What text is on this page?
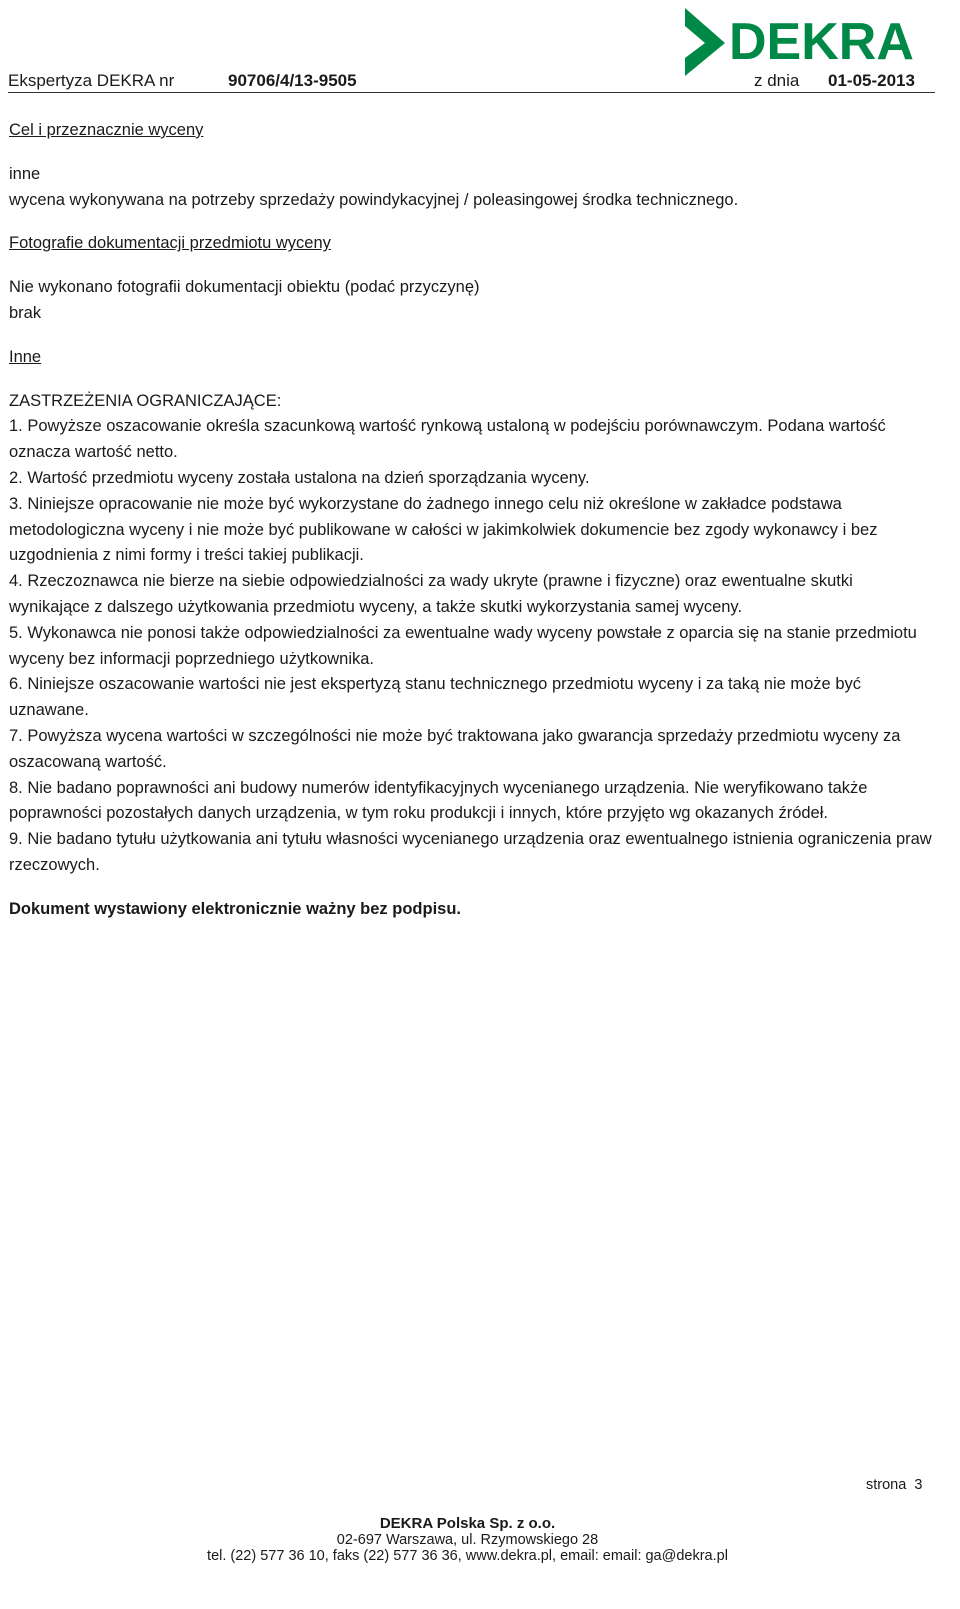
DEKRA
Ekspertyza DEKRA nr	90706/4/13-9505	z dnia 01-05-2013

Cel i przeznacznie wyceny

inne

wycena wykonywana na potrzeby sprzedaży powindykacyjnej / poleasingowej środka technicznego.

Fotografie dokumentacji przedmiotu wyceny

Nie wykonano fotografii dokumentacji obiektu (podać przyczynę)

brak

Inne

ZASTRZEŻENIA OGRANICZAJĄCE:

1. Powyższe oszacowanie określa szacunkową wartość rynkową ustaloną w podejściu porównawczym. Podana wartość oznacza wartość netto.

2. Wartość przedmiotu wyceny została ustalona na dzień sporządzania wyceny.

3. Niniejsze opracowanie nie może być wykorzystane do żadnego innego celu niż określone w zakładce podstawa metodologiczna wyceny i nie może być publikowane w całości w jakimkolwiek dokumencie bez zgody wykonawcy i bez uzgodnienia z nimi formy i treści takiej publikacji.

4. Rzeczoznawca nie bierze na siebie odpowiedzialności za wady ukryte (prawne i fizyczne) oraz ewentualne skutki wynikające z dalszego użytkowania przedmiotu wyceny, a także skutki wykorzystania samej wyceny.

5. Wykonawca nie ponosi także odpowiedzialności za ewentualne wady wyceny powstałe z oparcia się na stanie przedmiotu wyceny bez informacji poprzedniego użytkownika.

6. Niniejsze oszacowanie wartości nie jest ekspertyzą stanu technicznego przedmiotu wyceny i za taką nie może być uznawane.

7. Powyższa wycena wartości w szczególności nie może być traktowana jako gwarancja sprzedaży przedmiotu wyceny za oszacowaną wartość.

8. Nie badano poprawności ani budowy numerów identyfikacyjnych wycenianego urządzenia. Nie weryfikowano także poprawności pozostałych danych urządzenia, w tym roku produkcji i innych, które przyjęto wg okazanych źródeł.

9. Nie badano tytułu użytkowania ani tytułu własności wycenianego urządzenia oraz ewentualnego istnienia ograniczenia praw rzeczowych.

Dokument wystawiony elektronicznie ważny bez podpisu.

strona 3
DEKRA Polska Sp. z o.o.
02-697 Warszawa, ul. Rzymowskiego 28
tel. (22) 577 36 10, faks (22) 577 36 36, www.dekra.pl, email: email: ga@dekra.pl
